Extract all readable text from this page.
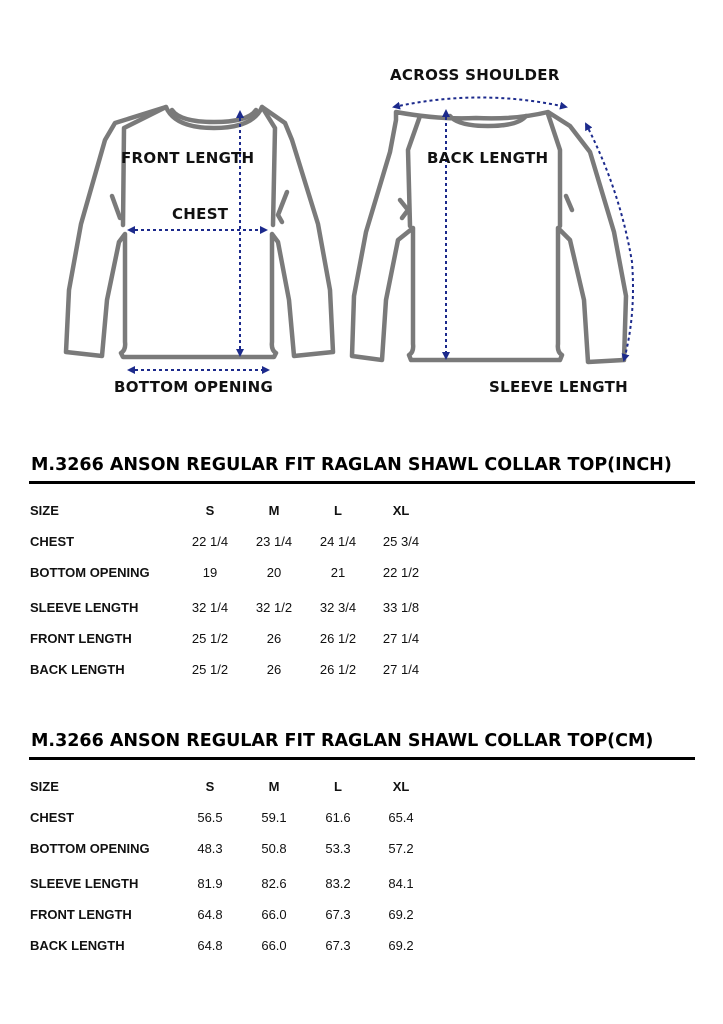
FRONT LENGTH
CHEST
BOTTOM OPENING
ACROSS SHOULDER
BACK LENGTH
SLEEVE LENGTH
M.3266 ANSON REGULAR FIT RAGLAN SHAWL COLLAR TOP(INCH)
SIZE	S	M	L	XL
CHEST	22 1/4	23 1/4	24 1/4	25 3/4
BOTTOM OPENING	19	20	21	22 1/2
SLEEVE LENGTH	32 1/4	32 1/2	32 3/4	33 1/8
FRONT LENGTH	25 1/2	26	26 1/2	27 1/4
BACK LENGTH	25 1/2	26	26 1/2	27 1/4
M.3266 ANSON REGULAR FIT RAGLAN SHAWL COLLAR TOP(CM)
SIZE	S	M	L	XL
CHEST	56.5	59.1	61.6	65.4
BOTTOM OPENING	48.3	50.8	53.3	57.2
SLEEVE LENGTH	81.9	82.6	83.2	84.1
FRONT LENGTH	64.8	66.0	67.3	69.2
BACK LENGTH	64.8	66.0	67.3	69.2
